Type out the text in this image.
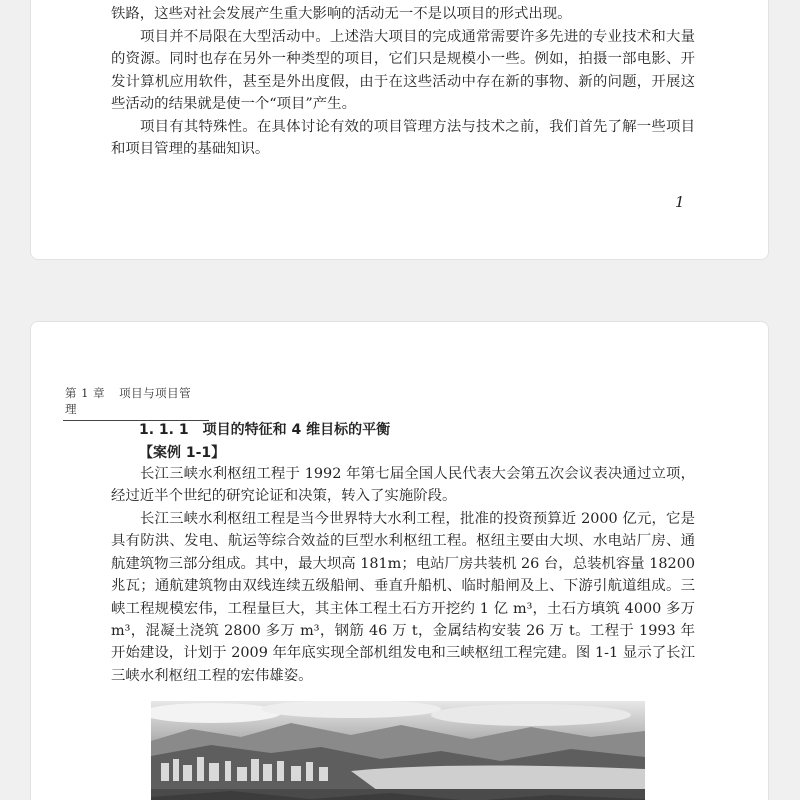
铁路，这些对社会发展产生重大影响的活动无一不是以项目的形式出现。

项目并不局限在大型活动中。上述浩大项目的完成通常需要许多先进的专业技术和大量的资源。同时也存在另外一种类型的项目，它们只是规模小一些。例如，拍摄一部电影、开发计算机应用软件，甚至是外出度假，由于在这些活动中存在新的事物、新的问题，开展这些活动的结果就是使一个“项目”产生。

项目有其特殊性。在具体讨论有效的项目管理方法与技术之前，我们首先了解一些项目和项目管理的基础知识。

1
第 1 章 项目与项目管理
1. 1. 1 项目的特征和 4 维目标的平衡
【案例 1-1】

长江三峡水利枢纽工程于 1992 年第七届全国人民代表大会第五次会议表决通过立项，经过近半个世纪的研究论证和决策，转入了实施阶段。

长江三峡水利枢纽工程是当今世界特大水利工程，批准的投资预算近 2000 亿元，它是具有防洪、发电、航运等综合效益的巨型水利枢纽工程。枢纽主要由大坝、水电站厂房、通航建筑物三部分组成。其中，最大坝高 181m；电站厂房共装机 26 台，总装机容量 18200 兆瓦；通航建筑物由双线连续五级船闸、垂直升船机、临时船闸及上、下游引航道组成。三峡工程规模宏伟，工程量巨大，其主体工程土石方开挖约 1 亿 m³，土石方填筑 4000 多万 m³，混凝土浇筑 2800 多万 m³，钢筋 46 万 t，金属结构安装 26 万 t。工程于 1993 年开始建设，计划于 2009 年年底实现全部机组发电和三峡枢纽工程完建。图 1-1 显示了长江三峡水利枢纽工程的宏伟雄姿。
